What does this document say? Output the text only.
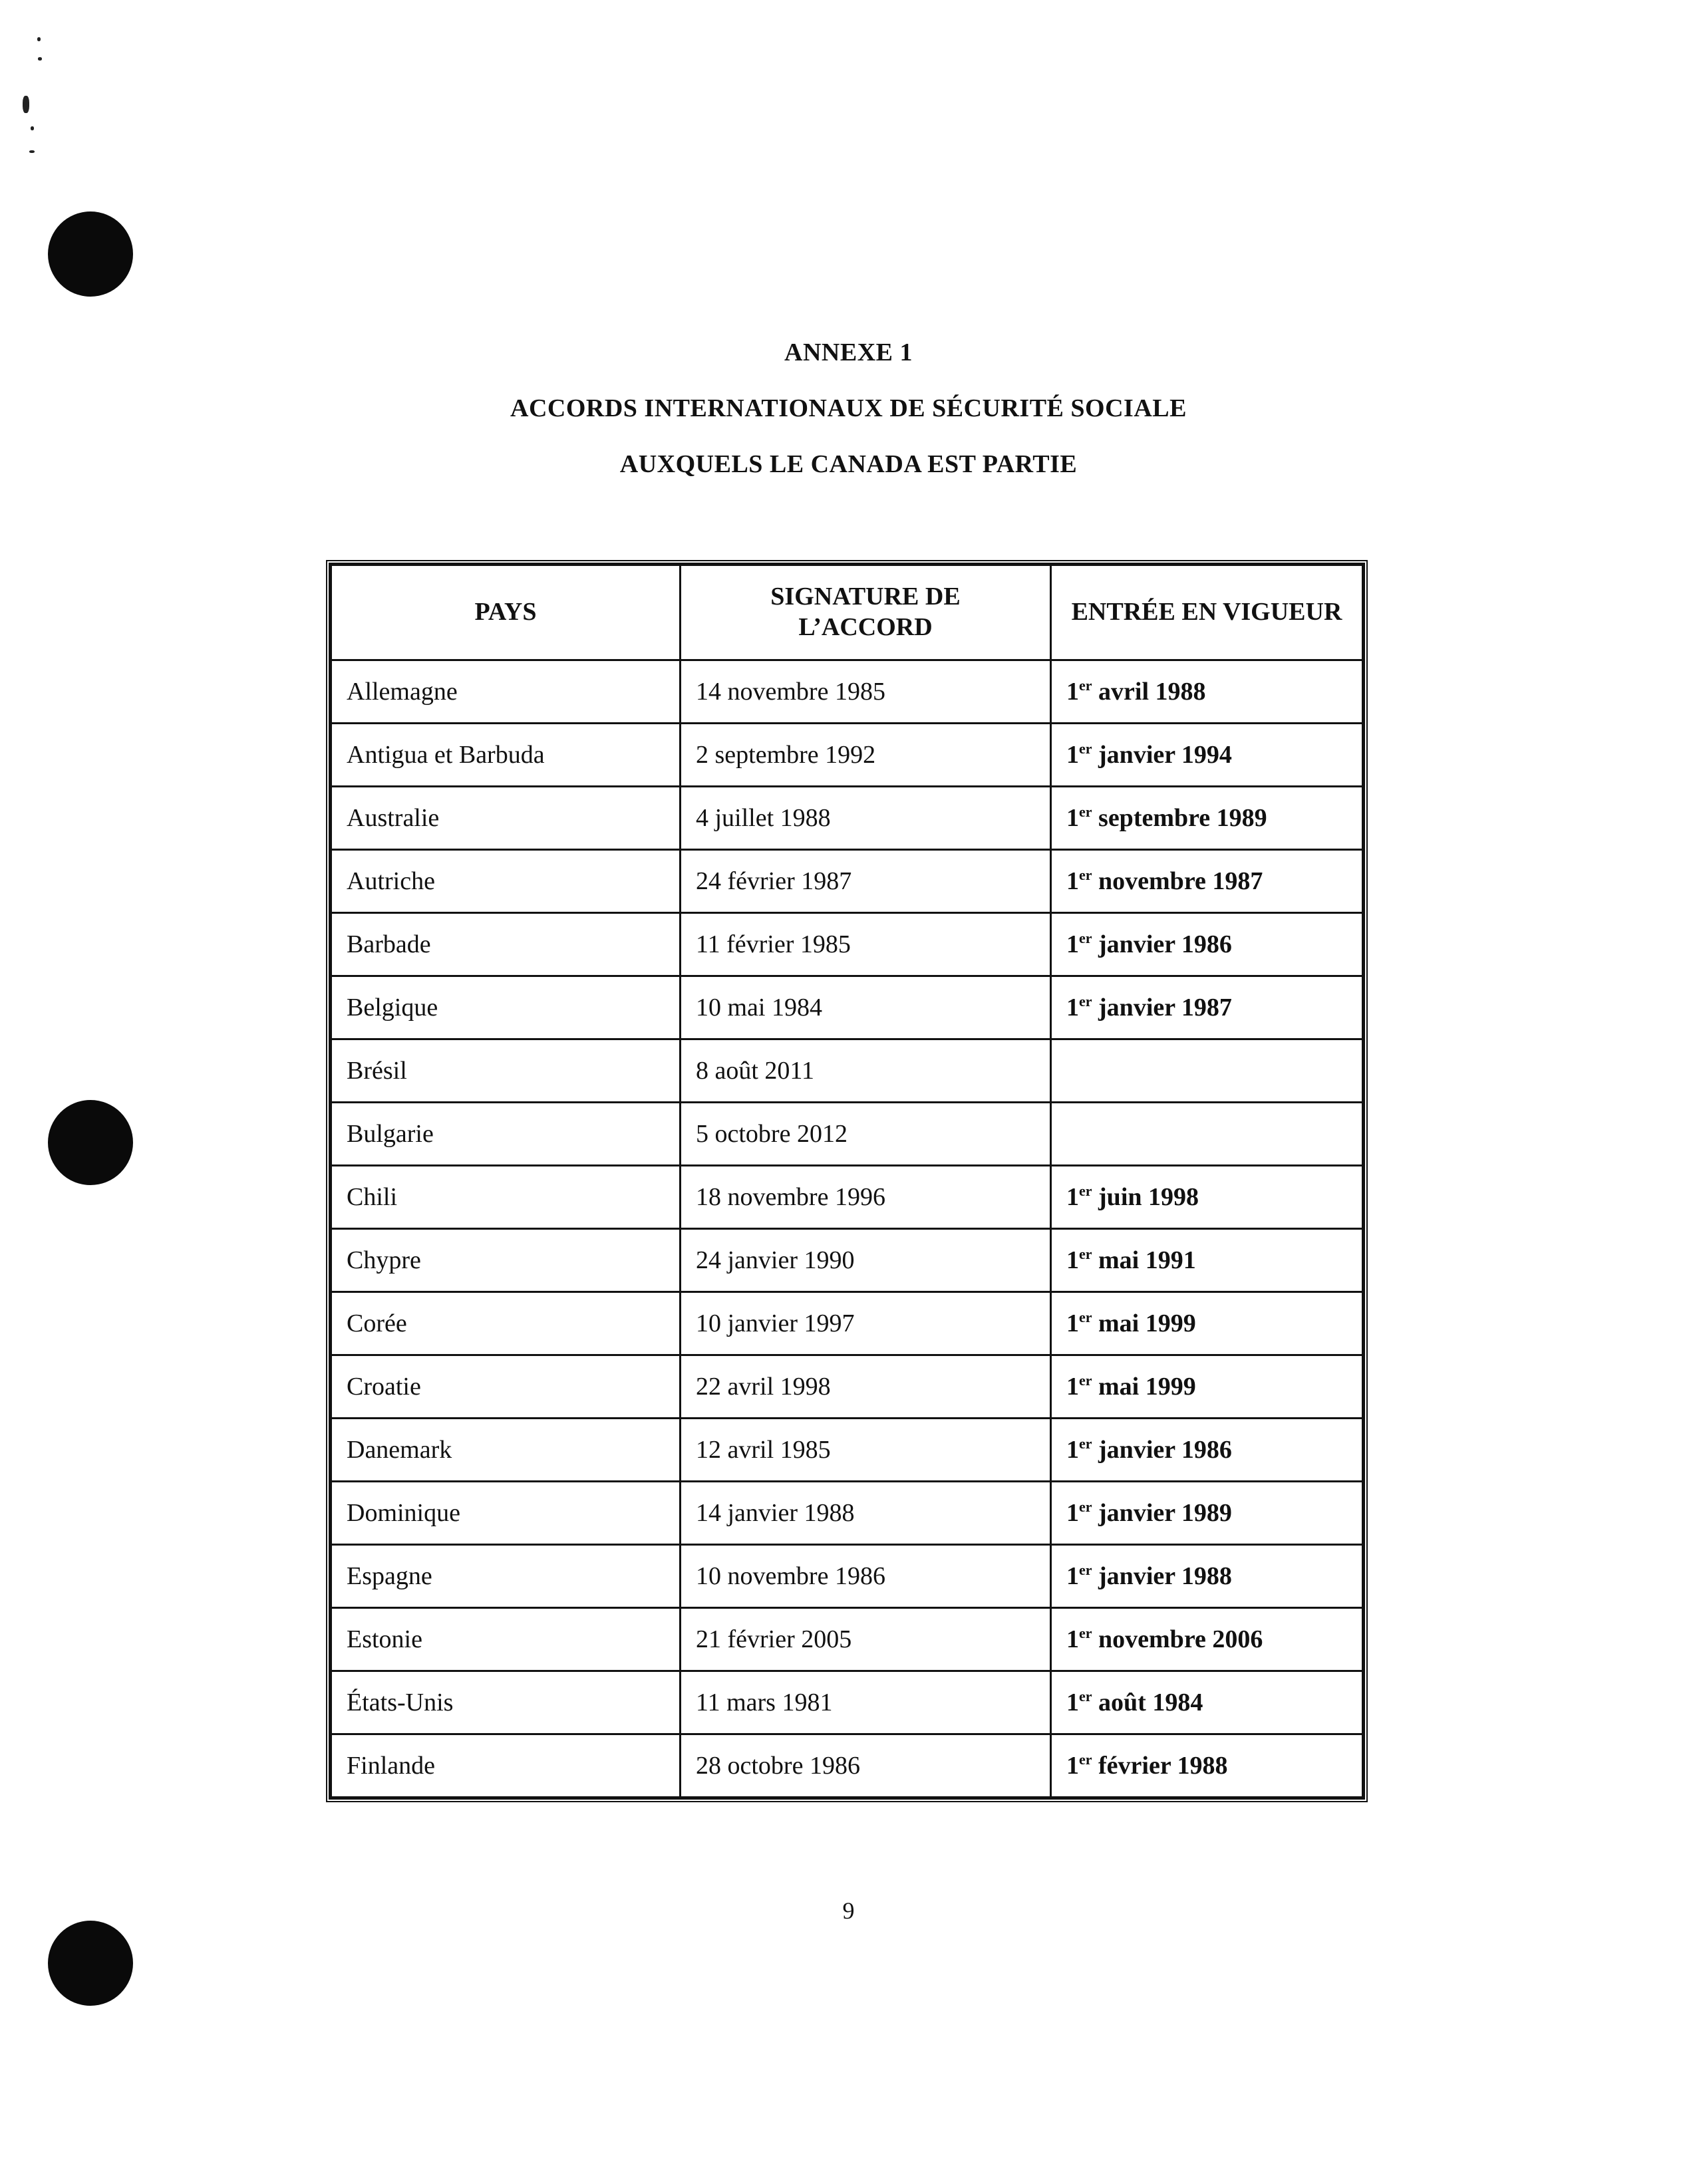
ANNEXE 1
ACCORDS INTERNATIONAUX DE SÉCURITÉ SOCIALE
AUXQUELS LE CANADA EST PARTIE
PAYS	SIGNATURE DE L’ACCORD	ENTRÉE EN VIGUEUR
Allemagne	14 novembre 1985	1er avril 1988
Antigua et Barbuda	2 septembre 1992	1er janvier 1994
Australie	4 juillet 1988	1er septembre 1989
Autriche	24 février 1987	1er novembre 1987
Barbade	11 février 1985	1er janvier 1986
Belgique	10 mai 1984	1er janvier 1987
Brésil	8 août 2011	
Bulgarie	5 octobre 2012	
Chili	18 novembre 1996	1er juin 1998
Chypre	24 janvier 1990	1er mai 1991
Corée	10 janvier 1997	1er mai 1999
Croatie	22 avril 1998	1er mai 1999
Danemark	12 avril 1985	1er janvier 1986
Dominique	14 janvier 1988	1er janvier 1989
Espagne	10 novembre 1986	1er janvier 1988
Estonie	21 février 2005	1er novembre 2006
États-Unis	11 mars 1981	1er août 1984
Finlande	28 octobre 1986	1er février 1988
9
